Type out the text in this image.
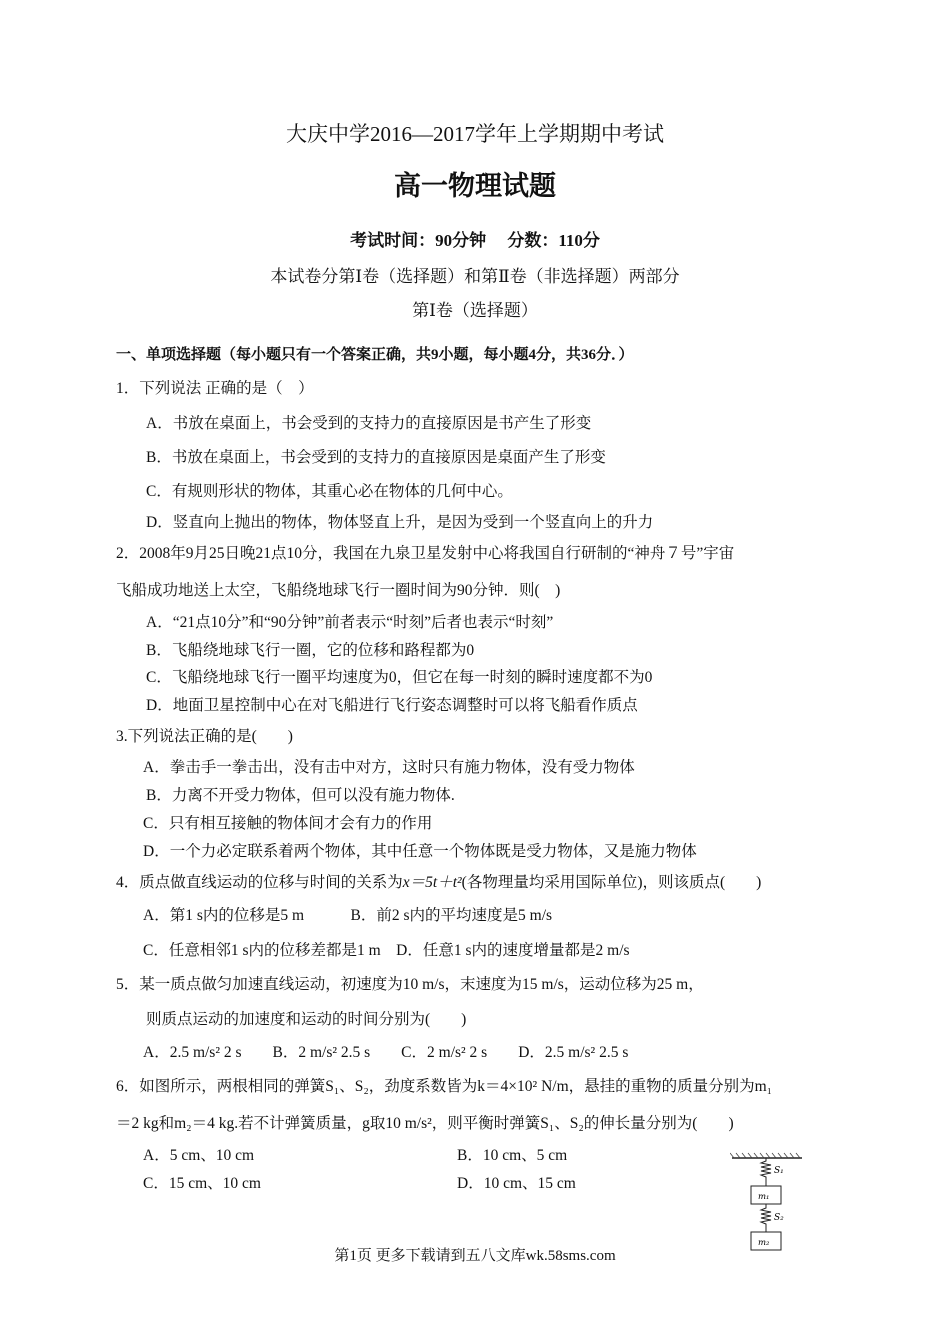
大庆中学2016—2017学年上学期期中考试
高一物理试题
考试时间：90分钟　 分数：110分
本试卷分第Ⅰ卷（选择题）和第Ⅱ卷（非选择题）两部分
第Ⅰ卷（选择题）
一、单项选择题（每小题只有一个答案正确，共9小题，每小题4分，共36分．）
1．下列说法 正确的是（　）
A．书放在桌面上，书会受到的支持力的直接原因是书产生了形变
B．书放在桌面上，书会受到的支持力的直接原因是桌面产生了形变
C．有规则形状的物体，其重心必在物体的几何中心。
D．竖直向上抛出的物体，物体竖直上升，是因为受到一个竖直向上的升力
2．2008年9月25日晚21点10分，我国在九泉卫星发射中心将我国自行研制的“神舟７号”宇宙
飞船成功地送上太空，飞船绕地球飞行一圈时间为90分钟．则(　)
A．“21点10分”和“90分钟”前者表示“时刻”后者也表示“时刻”
B．飞船绕地球飞行一圈，它的位移和路程都为0
C．飞船绕地球飞行一圈平均速度为0，但它在每一时刻的瞬时速度都不为0
D．地面卫星控制中心在对飞船进行飞行姿态调整时可以将飞船看作质点
3.下列说法正确的是(　　)
A．拳击手一拳击出，没有击中对方，这时只有施力物体，没有受力物体
B．力离不开受力物体，但可以没有施力物体.
C．只有相互接触的物体间才会有力的作用
D．一个力必定联系着两个物体，其中任意一个物体既是受力物体，又是施力物体
4．质点做直线运动的位移与时间的关系为x＝5t＋t²(各物理量均采用国际单位)，则该质点(　　)
A．第1 s内的位移是5 m　　　B．前2 s内的平均速度是5 m/s
C．任意相邻1 s内的位移差都是1 m　D．任意1 s内的速度增量都是2 m/s
5．某一质点做匀加速直线运动，初速度为10 m/s，末速度为15 m/s，运动位移为25 m，
则质点运动的加速度和运动的时间分别为(　　)
A．2.5 m/s² 2 s　　B．2 m/s² 2.5 s　　C．2 m/s² 2 s　　D．2.5 m/s² 2.5 s
6．如图所示，两根相同的弹簧S₁、S₂，劲度系数皆为k＝4×10² N/m，悬挂的重物的质量分别为m₁
＝2 kg和m₂＝4 kg.若不计弹簧质量，g取10 m/s²，则平衡时弹簧S₁、S₂的伸长量分别为(　　)
A．5 cm、10 cm	B．10 cm、5 cm
C．15 cm、10 cm	D．10 cm、15 cm
S₁
m₁
S₂
m₂
第1页 更多下载请到五八文库wk.58sms.com
